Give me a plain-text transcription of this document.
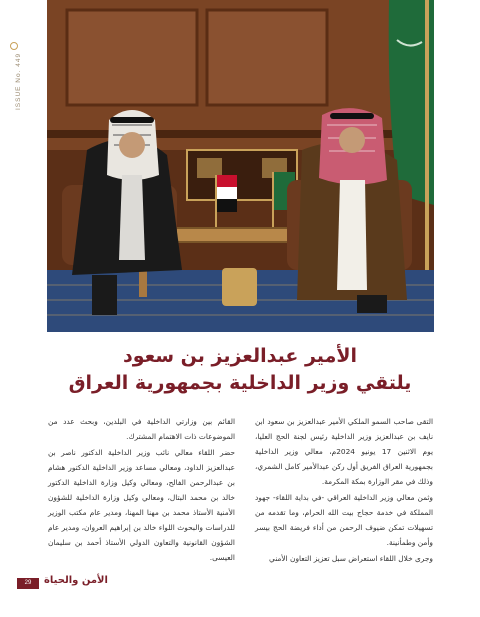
ISSUE No. 449
الأمير عبدالعزيز بن سعود
يلتقي وزير الداخلية بجمهورية العراق

التقى صاحب السمو الملكي الأمير عبدالعزيز بن سعود ابن نايف بن عبدالعزيز وزير الداخلية رئيس لجنة الحج العليا، يوم الاثنين 17 يونيو 2024م، معالي وزير الداخلية بجمهورية العراق الفريق أول ركن عبدالأمير كامل الشمري، وذلك في مقر الوزارة بمكة المكرمة.

وثمن معالي وزير الداخلية العراقي -في بداية اللقاء- جهود المملكة في خدمة حجاج بيت الله الحرام، وما تقدمه من تسهيلات تمكن ضيوف الرحمن من أداء فريضة الحج بيسر وأمن وطمأنينة.

وجرى خلال اللقاء استعراض سبل تعزيز التعاون الأمني

القائم بين وزارتي الداخلية في البلدين، وبحث عدد من الموضوعات ذات الاهتمام المشترك.

حضر اللقاء معالي نائب وزير الداخلية الدكتور ناصر بن عبدالعزيز الداود، ومعالي مساعد وزير الداخلية الدكتور هشام بن عبدالرحمن الفالح، ومعالي وكيل وزارة الداخلية الدكتور خالد بن محمد البتال، ومعالي وكيل وزارة الداخلية للشؤون الأمنية الأستاذ محمد بن مهنا المهنا، ومدير عام مكتب الوزير للدراسات والبحوث اللواء خالد بن إبراهيم العروان، ومدير عام الشؤون القانونية والتعاون الدولي الأستاذ أحمد بن سليمان العيسى.

29	الأمن والحياة
